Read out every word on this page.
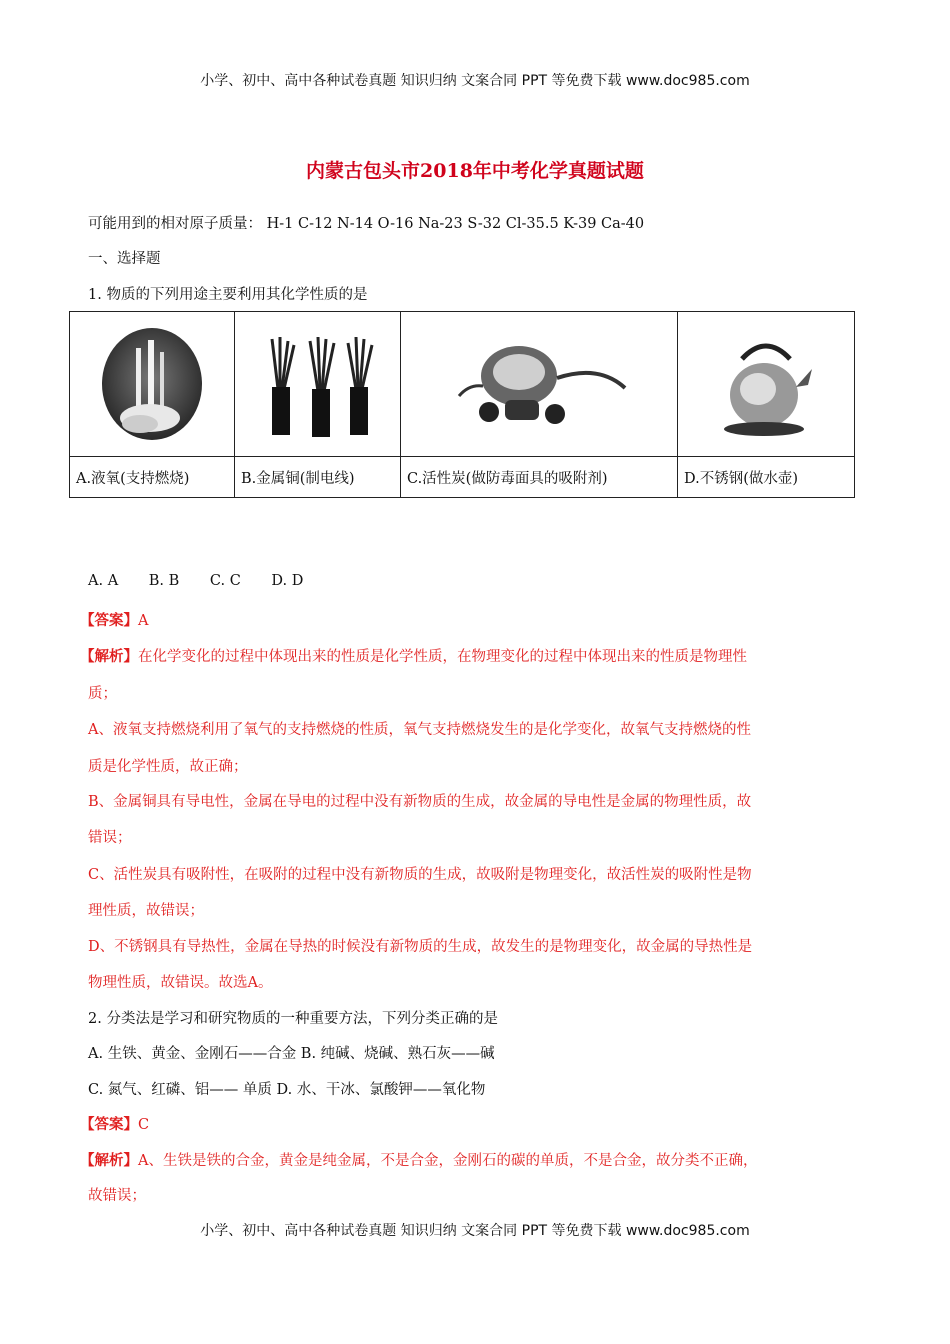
小学、初中、高中各种试卷真题 知识归纳 文案合同 PPT 等免费下载 www.doc985.com
内蒙古包头市2018年中考化学真题试题
可能用到的相对原子质量： H-1 C-12 N-14 O-16 Na-23 S-32 Cl-35.5 K-39 Ca-40
一、选择题
1. 物质的下列用途主要利用其化学性质的是

A.液氧(支持燃烧)	B.金属铜(制电线)	C.活性炭(做防毒面具的吸附剂)	D.不锈钢(做水壶)
A. A B. B C. C D. D
【答案】A
【解析】在化学变化的过程中体现出来的性质是化学性质，在物理变化的过程中体现出来的性质是物理性
质；
A、液氧支持燃烧利用了氧气的支持燃烧的性质，氧气支持燃烧发生的是化学变化，故氧气支持燃烧的性
质是化学性质，故正确；
B、金属铜具有导电性，金属在导电的过程中没有新物质的生成，故金属的导电性是金属的物理性质，故
错误；
C、活性炭具有吸附性，在吸附的过程中没有新物质的生成，故吸附是物理变化，故活性炭的吸附性是物
理性质，故错误；
D、不锈钢具有导热性，金属在导热的时候没有新物质的生成，故发生的是物理变化，故金属的导热性是
物理性质，故错误。故选A。
2. 分类法是学习和研究物质的一种重要方法，下列分类正确的是
A. 生铁、黄金、金刚石——合金 B. 纯碱、烧碱、熟石灰——碱
C. 氮气、红磷、铝—— 单质 D. 水、干冰、氯酸钾——氧化物
【答案】C
【解析】A、生铁是铁的合金，黄金是纯金属，不是合金，金刚石的碳的单质，不是合金，故分类不正确，
故错误；
小学、初中、高中各种试卷真题 知识归纳 文案合同 PPT 等免费下载 www.doc985.com
